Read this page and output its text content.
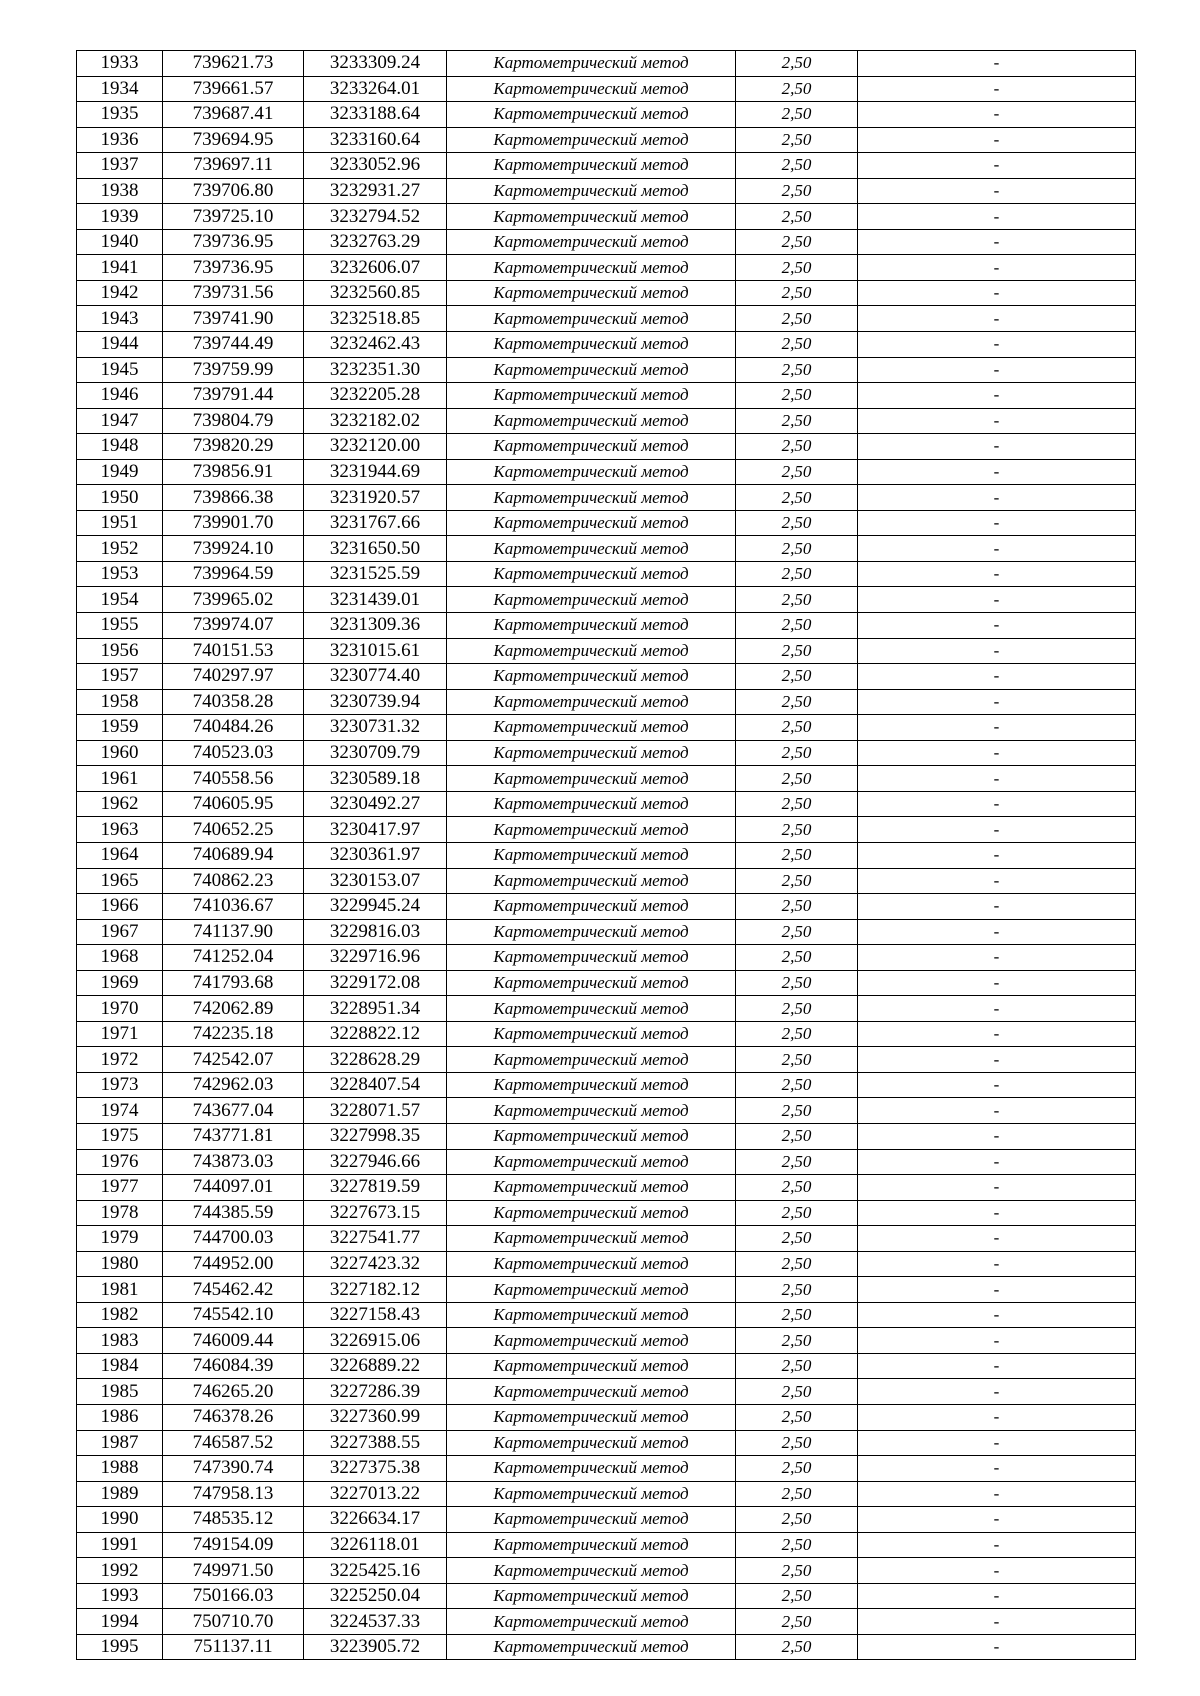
1933	739621.73	3233309.24	Картометрический метод	2,50	-
1934	739661.57	3233264.01	Картометрический метод	2,50	-
1935	739687.41	3233188.64	Картометрический метод	2,50	-
1936	739694.95	3233160.64	Картометрический метод	2,50	-
1937	739697.11	3233052.96	Картометрический метод	2,50	-
1938	739706.80	3232931.27	Картометрический метод	2,50	-
1939	739725.10	3232794.52	Картометрический метод	2,50	-
1940	739736.95	3232763.29	Картометрический метод	2,50	-
1941	739736.95	3232606.07	Картометрический метод	2,50	-
1942	739731.56	3232560.85	Картометрический метод	2,50	-
1943	739741.90	3232518.85	Картометрический метод	2,50	-
1944	739744.49	3232462.43	Картометрический метод	2,50	-
1945	739759.99	3232351.30	Картометрический метод	2,50	-
1946	739791.44	3232205.28	Картометрический метод	2,50	-
1947	739804.79	3232182.02	Картометрический метод	2,50	-
1948	739820.29	3232120.00	Картометрический метод	2,50	-
1949	739856.91	3231944.69	Картометрический метод	2,50	-
1950	739866.38	3231920.57	Картометрический метод	2,50	-
1951	739901.70	3231767.66	Картометрический метод	2,50	-
1952	739924.10	3231650.50	Картометрический метод	2,50	-
1953	739964.59	3231525.59	Картометрический метод	2,50	-
1954	739965.02	3231439.01	Картометрический метод	2,50	-
1955	739974.07	3231309.36	Картометрический метод	2,50	-
1956	740151.53	3231015.61	Картометрический метод	2,50	-
1957	740297.97	3230774.40	Картометрический метод	2,50	-
1958	740358.28	3230739.94	Картометрический метод	2,50	-
1959	740484.26	3230731.32	Картометрический метод	2,50	-
1960	740523.03	3230709.79	Картометрический метод	2,50	-
1961	740558.56	3230589.18	Картометрический метод	2,50	-
1962	740605.95	3230492.27	Картометрический метод	2,50	-
1963	740652.25	3230417.97	Картометрический метод	2,50	-
1964	740689.94	3230361.97	Картометрический метод	2,50	-
1965	740862.23	3230153.07	Картометрический метод	2,50	-
1966	741036.67	3229945.24	Картометрический метод	2,50	-
1967	741137.90	3229816.03	Картометрический метод	2,50	-
1968	741252.04	3229716.96	Картометрический метод	2,50	-
1969	741793.68	3229172.08	Картометрический метод	2,50	-
1970	742062.89	3228951.34	Картометрический метод	2,50	-
1971	742235.18	3228822.12	Картометрический метод	2,50	-
1972	742542.07	3228628.29	Картометрический метод	2,50	-
1973	742962.03	3228407.54	Картометрический метод	2,50	-
1974	743677.04	3228071.57	Картометрический метод	2,50	-
1975	743771.81	3227998.35	Картометрический метод	2,50	-
1976	743873.03	3227946.66	Картометрический метод	2,50	-
1977	744097.01	3227819.59	Картометрический метод	2,50	-
1978	744385.59	3227673.15	Картометрический метод	2,50	-
1979	744700.03	3227541.77	Картометрический метод	2,50	-
1980	744952.00	3227423.32	Картометрический метод	2,50	-
1981	745462.42	3227182.12	Картометрический метод	2,50	-
1982	745542.10	3227158.43	Картометрический метод	2,50	-
1983	746009.44	3226915.06	Картометрический метод	2,50	-
1984	746084.39	3226889.22	Картометрический метод	2,50	-
1985	746265.20	3227286.39	Картометрический метод	2,50	-
1986	746378.26	3227360.99	Картометрический метод	2,50	-
1987	746587.52	3227388.55	Картометрический метод	2,50	-
1988	747390.74	3227375.38	Картометрический метод	2,50	-
1989	747958.13	3227013.22	Картометрический метод	2,50	-
1990	748535.12	3226634.17	Картометрический метод	2,50	-
1991	749154.09	3226118.01	Картометрический метод	2,50	-
1992	749971.50	3225425.16	Картометрический метод	2,50	-
1993	750166.03	3225250.04	Картометрический метод	2,50	-
1994	750710.70	3224537.33	Картометрический метод	2,50	-
1995	751137.11	3223905.72	Картометрический метод	2,50	-
